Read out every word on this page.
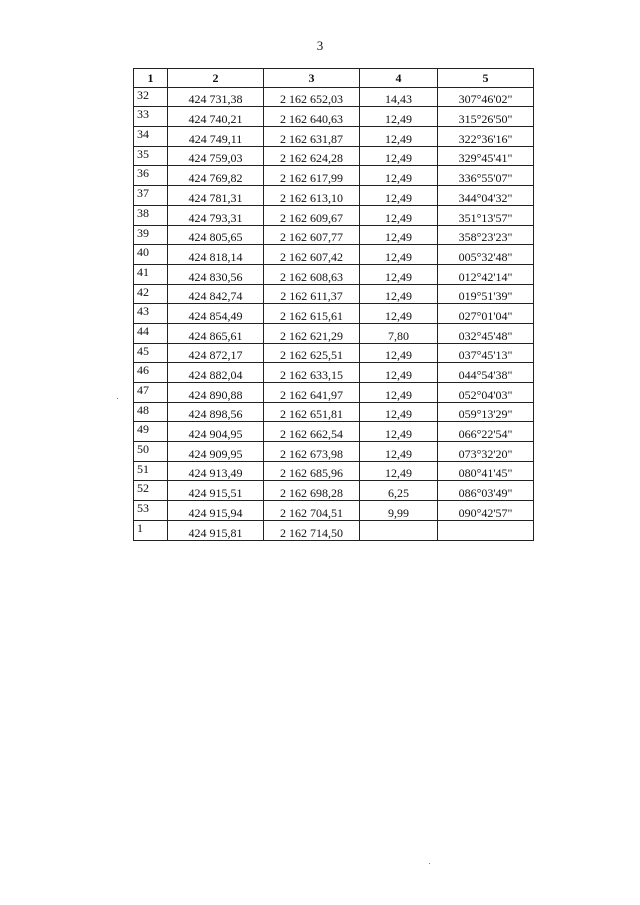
3
1	2	3	4	5
32	424 731,38	2 162 652,03	14,43	307°46'02"
33	424 740,21	2 162 640,63	12,49	315°26'50"
34	424 749,11	2 162 631,87	12,49	322°36'16"
35	424 759,03	2 162 624,28	12,49	329°45'41"
36	424 769,82	2 162 617,99	12,49	336°55'07"
37	424 781,31	2 162 613,10	12,49	344°04'32"
38	424 793,31	2 162 609,67	12,49	351°13'57"
39	424 805,65	2 162 607,77	12,49	358°23'23"
40	424 818,14	2 162 607,42	12,49	005°32'48"
41	424 830,56	2 162 608,63	12,49	012°42'14"
42	424 842,74	2 162 611,37	12,49	019°51'39"
43	424 854,49	2 162 615,61	12,49	027°01'04"
44	424 865,61	2 162 621,29	7,80	032°45'48"
45	424 872,17	2 162 625,51	12,49	037°45'13"
46	424 882,04	2 162 633,15	12,49	044°54'38"
47	424 890,88	2 162 641,97	12,49	052°04'03"
48	424 898,56	2 162 651,81	12,49	059°13'29"
49	424 904,95	2 162 662,54	12,49	066°22'54"
50	424 909,95	2 162 673,98	12,49	073°32'20"
51	424 913,49	2 162 685,96	12,49	080°41'45"
52	424 915,51	2 162 698,28	6,25	086°03'49"
53	424 915,94	2 162 704,51	9,99	090°42'57"
1	424 915,81	2 162 714,50		
